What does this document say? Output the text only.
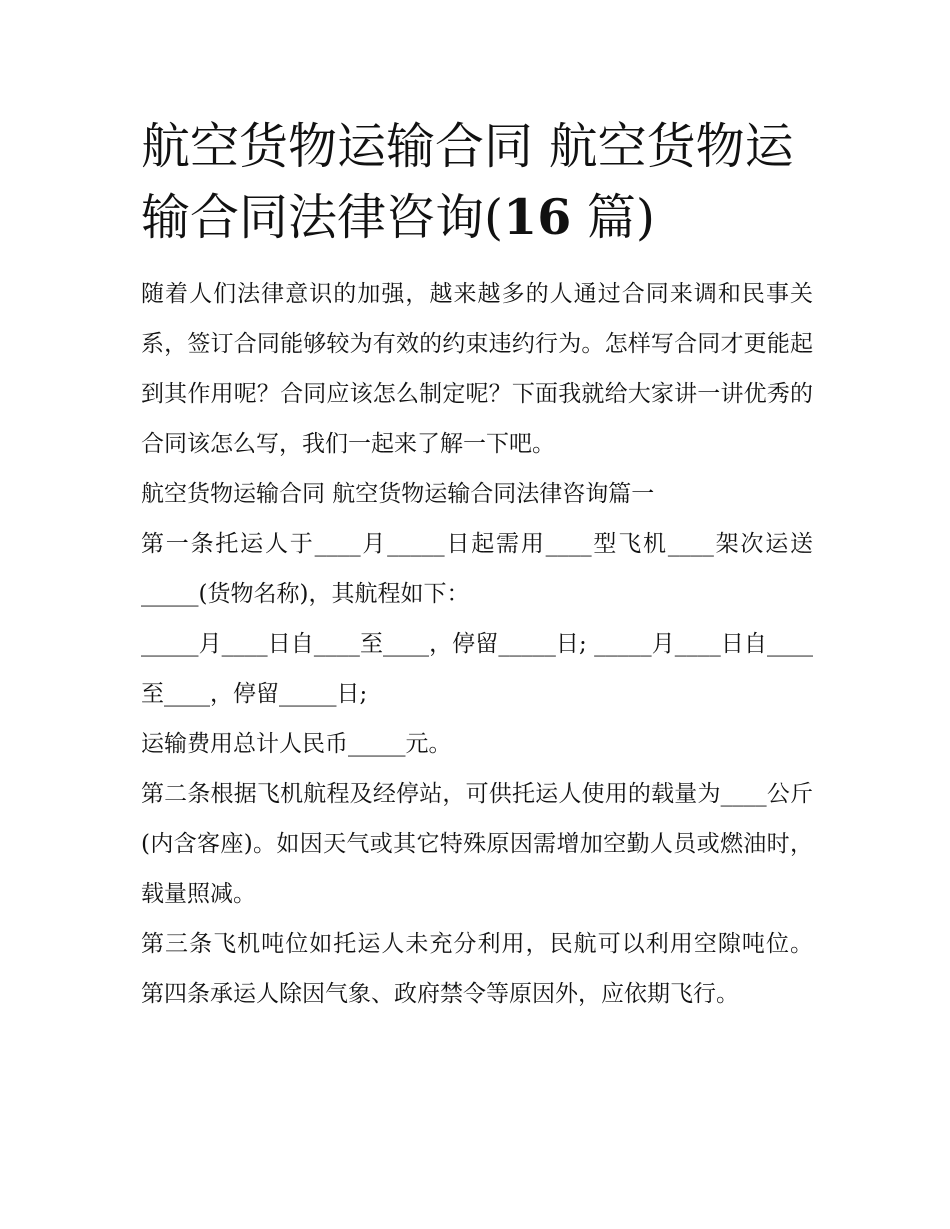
航空货物运输合同 航空货物运
输合同法律咨询(16 篇)

随着人们法律意识的加强，越来越多的人通过合同来调和民事关系，签订合同能够较为有效的约束违约行为。怎样写合同才更能起到其作用呢？合同应该怎么制定呢？下面我就给大家讲一讲优秀的合同该怎么写，我们一起来了解一下吧。

航空货物运输合同 航空货物运输合同法律咨询篇一

第一条托运人于____月_____日起需用____型飞机____架次运送_____(货物名称)，其航程如下：

_____月____日自____至____，停留_____日; _____月____日自____至____，停留_____日;

运输费用总计人民币_____元。

第二条根据飞机航程及经停站，可供托运人使用的载量为____公斤(内含客座)。如因天气或其它特殊原因需增加空勤人员或燃油时，载量照减。

第三条飞机吨位如托运人未充分利用，民航可以利用空隙吨位。 第四条承运人除因气象、政府禁令等原因外，应依期飞行。
